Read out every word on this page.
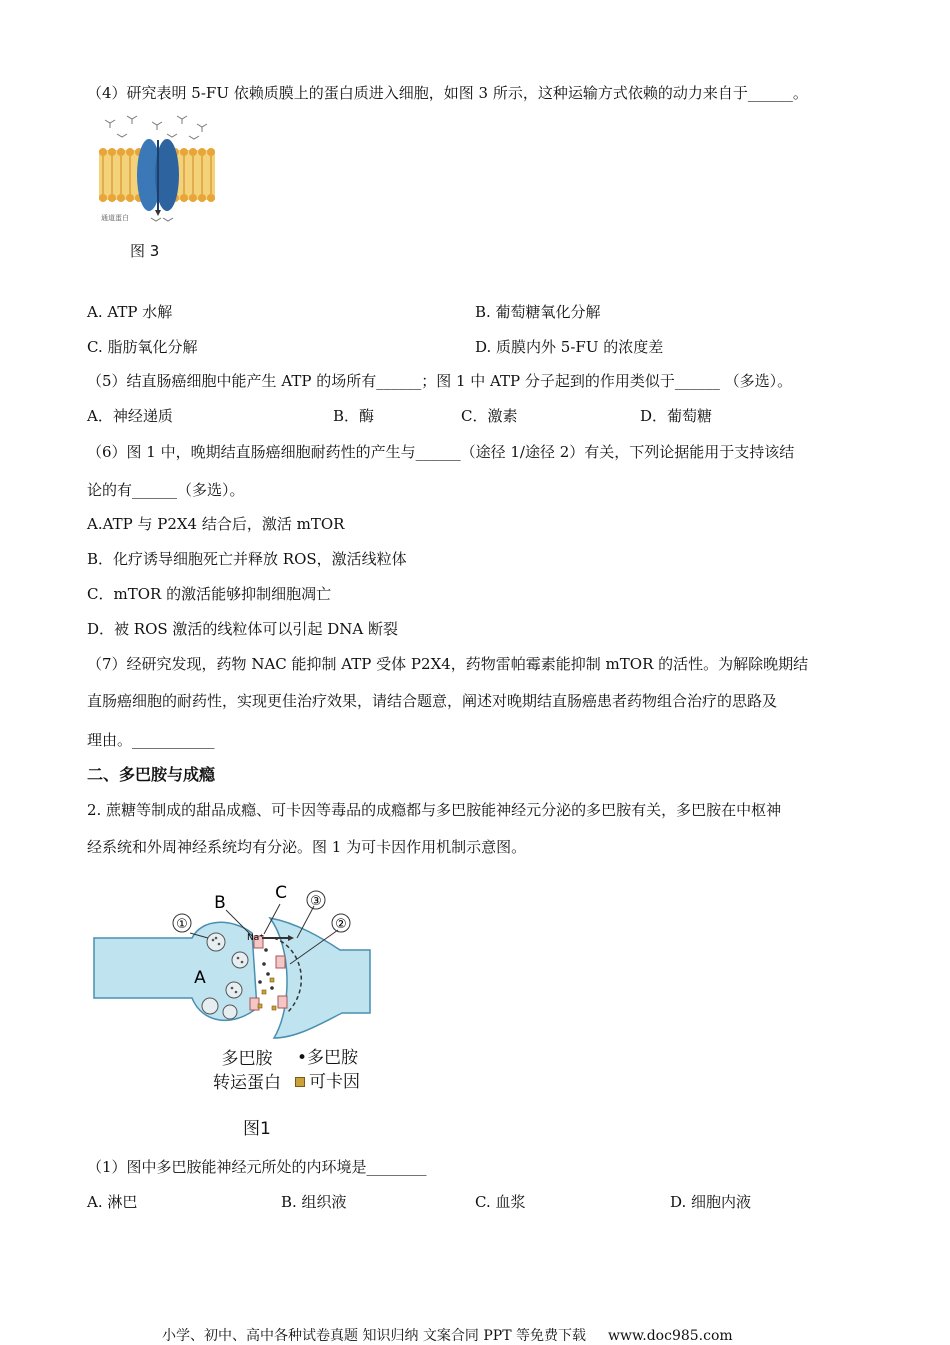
（4）研究表明 5-FU 依赖质膜上的蛋白质进入细胞，如图 3 所示，这种运输方式依赖的动力来自于______。
通道蛋白
图 3
A. ATP 水解	B. 葡萄糖氧化分解
C. 脂肪氧化分解	D. 质膜内外 5-FU 的浓度差
（5）结直肠癌细胞中能产生 ATP 的场所有______；图 1 中 ATP 分子起到的作用类似于______ （多选）。
A．神经递质	B．酶	C．激素	D．葡萄糖
（6）图 1 中，晚期结直肠癌细胞耐药性的产生与______（途径 1/途径 2）有关，下列论据能用于支持该结
论的有______（多选）。
A.ATP 与 P2X4 结合后，激活 mTOR
B．化疗诱导细胞死亡并释放 ROS，激活线粒体
C．mTOR 的激活能够抑制细胞凋亡
D．被 ROS 激活的线粒体可以引起 DNA 断裂
（7）经研究发现，药物 NAC 能抑制 ATP 受体 P2X4，药物雷帕霉素能抑制 mTOR 的活性。为解除晚期结
直肠癌细胞的耐药性，实现更佳治疗效果，请结合题意，阐述对晚期结直肠癌患者药物组合治疗的思路及
理由。___________
二、多巴胺与成瘾
2. 蔗糖等制成的甜品成瘾、可卡因等毒品的成瘾都与多巴胺能神经元分泌的多巴胺有关，多巴胺在中枢神
经系统和外周神经系统均有分泌。图 1 为可卡因作用机制示意图。
①
B	C ③
②
Na⁺
A
多巴胺
转运蛋白
•多巴胺
可卡因
图1
（1）图中多巴胺能神经元所处的内环境是________
A. 淋巴	B. 组织液	C. 血浆	D. 细胞内液
小学、初中、高中各种试卷真题 知识归纳 文案合同 PPT 等免费下载 www.doc985.com
